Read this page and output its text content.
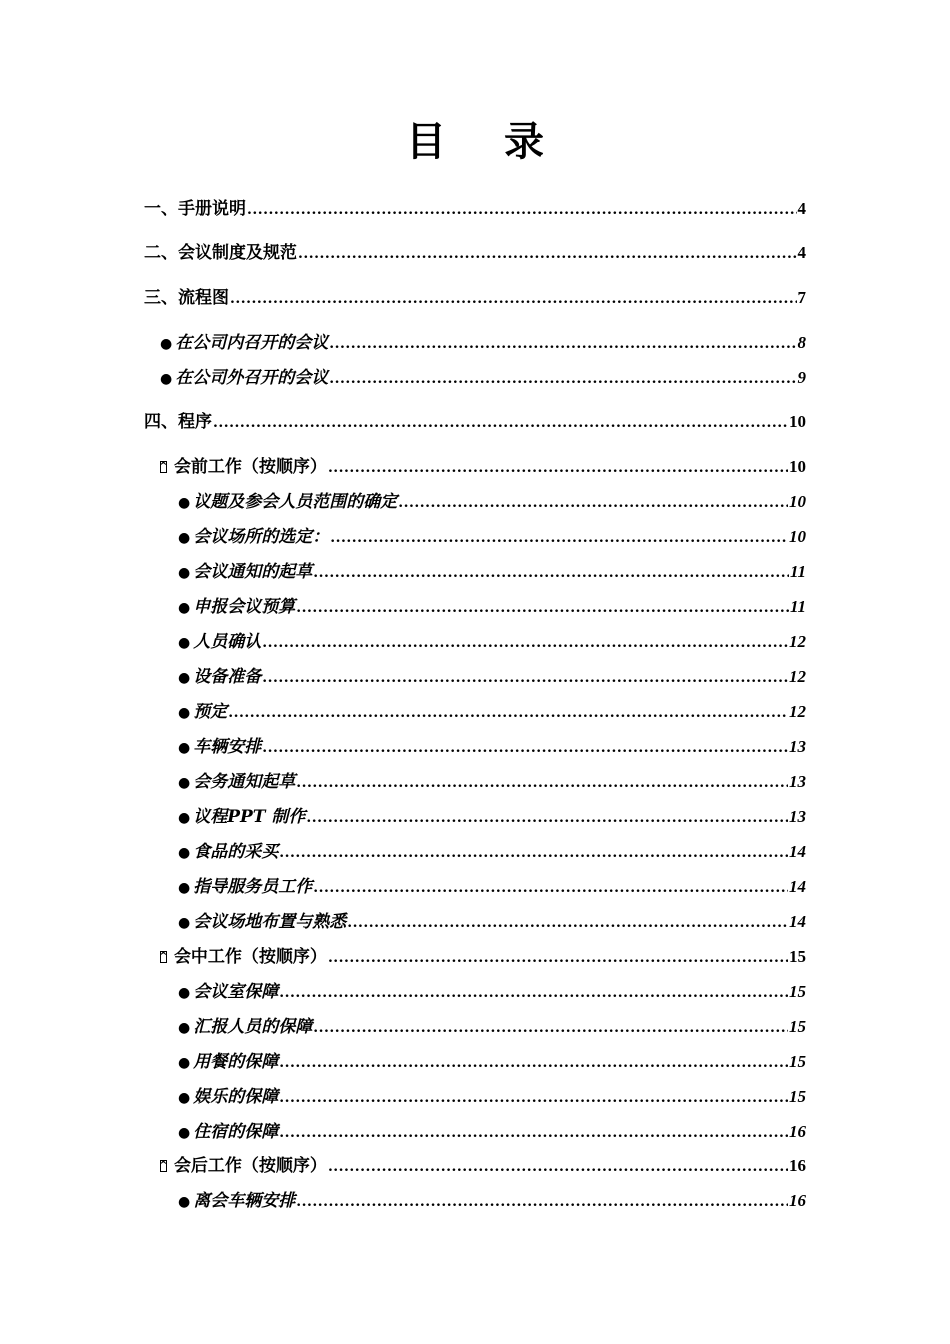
目 录
一、手册说明 .....	4
二、会议制度及规范 .....	4
三、流程图 .....	7
● 在公司内召开的会议 .....	8
● 在公司外召开的会议 .....	9
四、程序 .....	10
会前工作（按顺序） .....	10
● 议题及参会人员范围的确定 .....	10
● 会议场所的选定： .....	10
● 会议通知的起草 .....	11
● 申报会议预算 .....	11
● 人员确认 .....	12
● 设备准备 .....	12
● 预定 .....	12
● 车辆安排 .....	13
● 会务通知起草 .....	13
● 议程PPT 制作 .....	13
● 食品的采买 .....	14
● 指导服务员工作 .....	14
● 会议场地布置与熟悉 .....	14
会中工作（按顺序） .....	15
● 会议室保障 .....	15
● 汇报人员的保障 .....	15
● 用餐的保障 .....	15
● 娱乐的保障 .....	15
● 住宿的保障 .....	16
会后工作（按顺序） .....	16
● 离会车辆安排 .....	16
